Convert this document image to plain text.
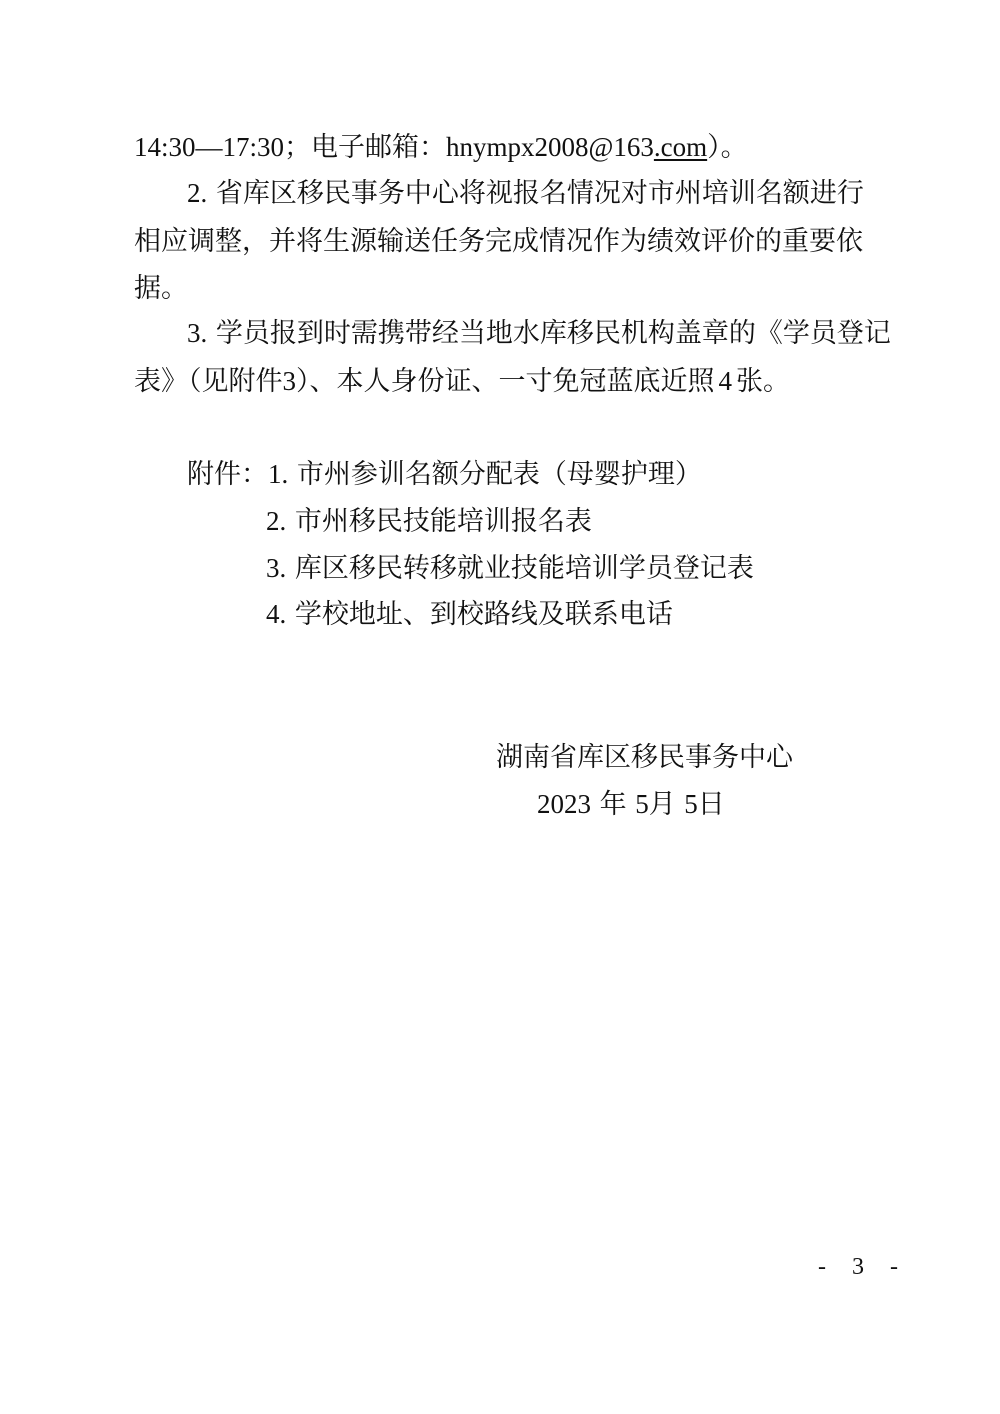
14:30—17:30；电子邮箱：hnympx2008@163.com）。
2. 省库区移民事务中心将视报名情况对市州培训名额进行
相应调整，并将生源输送任务完成情况作为绩效评价的重要依
据。
3. 学员报到时需携带经当地水库移民机构盖章的《学员登记
表》（见附件3）、本人身份证、一寸免冠蓝底近照 4 张。
附件：1. 市州参训名额分配表（母婴护理）
2. 市州移民技能培训报名表
3. 库区移民转移就业技能培训学员登记表
4. 学校地址、到校路线及联系电话
湖南省库区移民事务中心
2023 年 5月 5日
- 3 -
